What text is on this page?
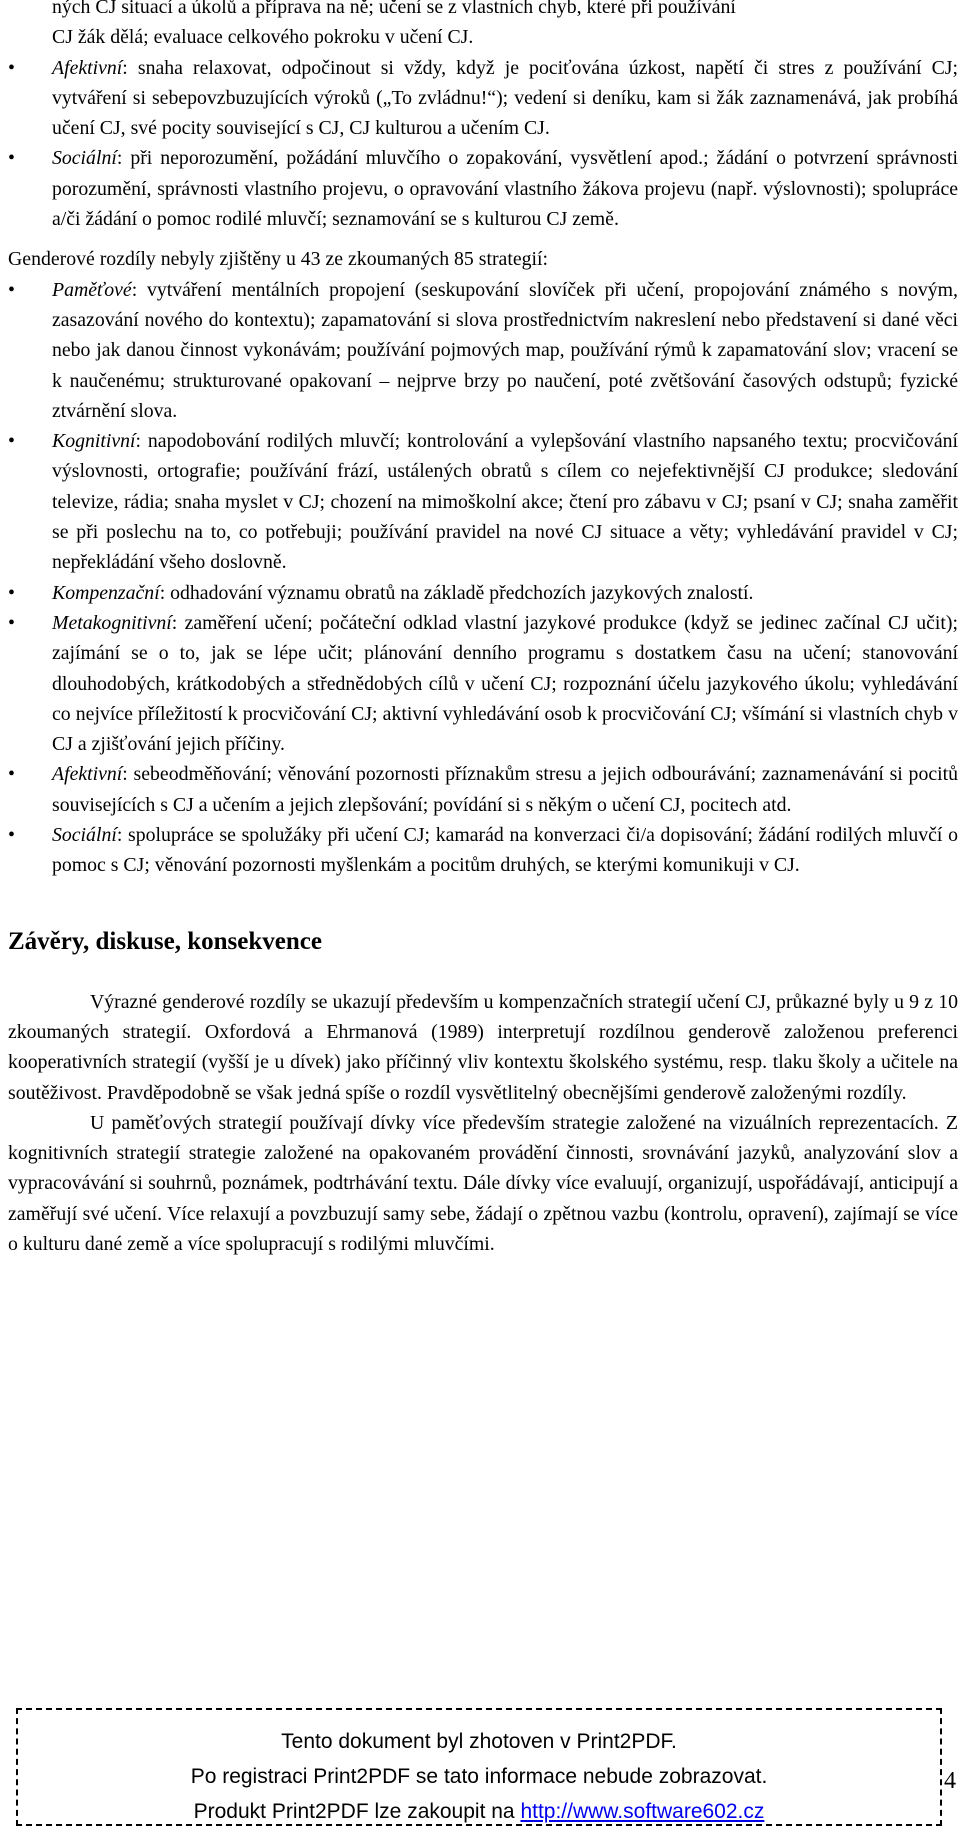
ných CJ situací a úkolů a příprava na ně; učení se z vlastních chyb, které při používání
CJ žák dělá; evaluace celkového pokroku v učení CJ.

•	Afektivní: snaha relaxovat, odpočinout si vždy, když je pociťována úzkost, napětí či stres z používání CJ; vytváření si sebepovzbuzujících výroků („To zvládnu!“); vedení si deníku, kam si žák zaznamenává, jak probíhá učení CJ, své pocity související s CJ, CJ kulturou a učením CJ.
•	Sociální: při neporozumění, požádání mluvčího o zopakování, vysvětlení apod.; žádání o potvrzení správnosti porozumění, správnosti vlastního projevu, o opravování vlastního žákova projevu (např. výslovnosti); spolupráce a/či žádání o pomoc rodilé mluvčí; seznamování se s kulturou CJ země.

Genderové rozdíly nebyly zjištěny u 43 ze zkoumaných 85 strategií:

•	Paměťové: vytváření mentálních propojení (seskupování slovíček při učení, propojování známého s novým, zasazování nového do kontextu); zapamatování si slova prostřednictvím nakreslení nebo představení si dané věci nebo jak danou činnost vykonávám; používání pojmových map, používání rýmů k zapamatování slov; vracení se k naučenému; strukturované opakovaní – nejprve brzy po naučení, poté zvětšování časových odstupů; fyzické ztvárnění slova.
•	Kognitivní: napodobování rodilých mluvčí; kontrolování a vylepšování vlastního napsaného textu; procvičování výslovnosti, ortografie; používání frází, ustálených obratů s cílem co nejefektivnější CJ produkce; sledování televize, rádia; snaha myslet v CJ; chození na mimoškolní akce; čtení pro zábavu v CJ; psaní v CJ; snaha zaměřit se při poslechu na to, co potřebuji; používání pravidel na nové CJ situace a věty; vyhledávání pravidel v CJ; nepřekládání všeho doslovně.
•	Kompenzační: odhadování významu obratů na základě předchozích jazykových znalostí.
•	Metakognitivní: zaměření učení; počáteční odklad vlastní jazykové produkce (když se jedinec začínal CJ učit); zajímání se o to, jak se lépe učit; plánování denního programu s dostatkem času na učení; stanovování dlouhodobých, krátkodobých a střednědobých cílů v učení CJ; rozpoznání účelu jazykového úkolu; vyhledávání co nejvíce příležitostí k procvičování CJ; aktivní vyhledávání osob k procvičování CJ; všímání si vlastních chyb v CJ a zjišťování jejich příčiny.
•	Afektivní: sebeodměňování; věnování pozornosti příznakům stresu a jejich odbourávání; zaznamenávání si pocitů souvisejících s CJ a učením a jejich zlepšování; povídání si s někým o učení CJ, pocitech atd.
•	Sociální: spolupráce se spolužáky při učení CJ; kamarád na konverzaci či/a dopisování; žádání rodilých mluvčí o pomoc s CJ; věnování pozornosti myšlenkám a pocitům druhých, se kterými komunikuji v CJ.
Závěry, diskuse, konsekvence

Výrazné genderové rozdíly se ukazují především u kompenzačních strategií učení CJ, průkazné byly u 9 z 10 zkoumaných strategií. Oxfordová a Ehrmanová (1989) interpretují rozdílnou genderově založenou preferenci kooperativních strategií (vyšší je u dívek) jako příčinný vliv kontextu školského systému, resp. tlaku školy a učitele na soutěživost. Pravděpodobně se však jedná spíše o rozdíl vysvětlitelný obecnějšími genderově založenými rozdíly.

U paměťových strategií používají dívky více především strategie založené na vizuálních reprezentacích. Z kognitivních strategií strategie založené na opakovaném provádění činnosti, srovnávání jazyků, analyzování slov a vypracovávání si souhrnů, poznámek, podtrhávání textu. Dále dívky více evaluují, organizují, uspořádávají, anticipují a zaměřují své učení. Více relaxují a povzbuzují samy sebe, žádají o zpětnou vazbu (kontrolu, opravení), zajímají se více o kulturu dané země a více spolupracují s rodilými mluvčími.

Tento dokument byl zhotoven v Print2PDF.
Po registraci Print2PDF se tato informace nebude zobrazovat.
Produkt Print2PDF lze zakoupit na http://www.software602.cz
4
